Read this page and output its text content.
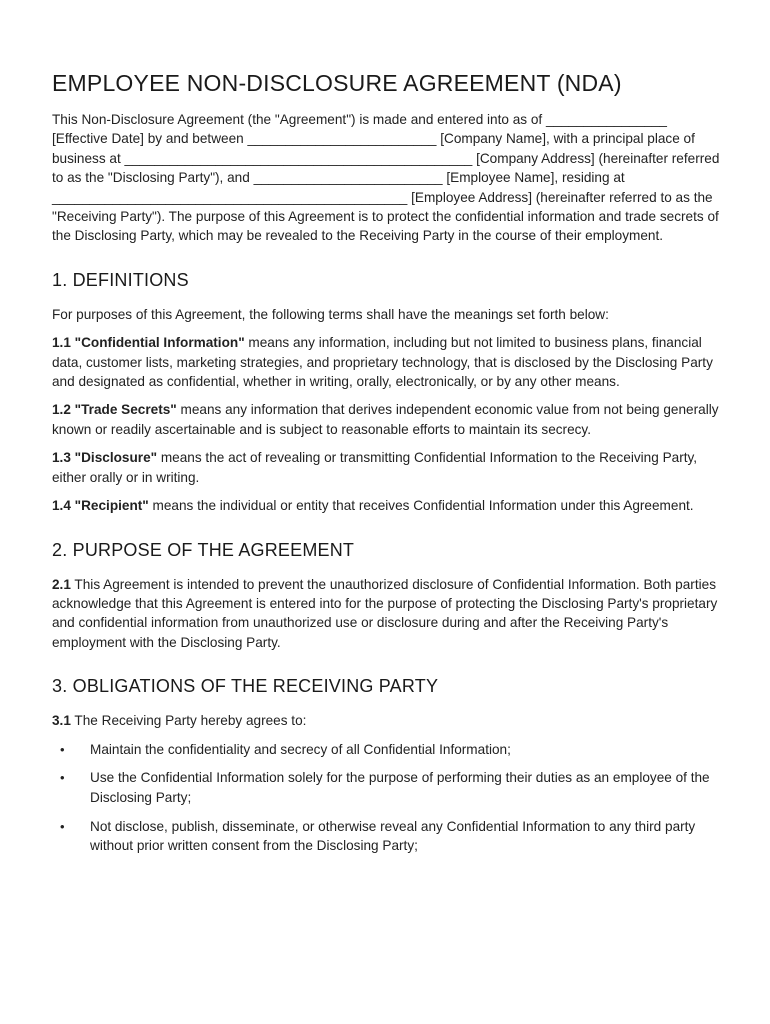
EMPLOYEE NON-DISCLOSURE AGREEMENT (NDA)

This Non-Disclosure Agreement (the "Agreement") is made and entered into as of ________________ [Effective Date] by and between _________________________ [Company Name], with a principal place of business at ______________________________________________ [Company Address] (hereinafter referred to as the "Disclosing Party"), and _________________________ [Employee Name], residing at _______________________________________________ [Employee Address] (hereinafter referred to as the "Receiving Party"). The purpose of this Agreement is to protect the confidential information and trade secrets of the Disclosing Party, which may be revealed to the Receiving Party in the course of their employment.

1. DEFINITIONS

For purposes of this Agreement, the following terms shall have the meanings set forth below:

1.1 "Confidential Information" means any information, including but not limited to business plans, financial data, customer lists, marketing strategies, and proprietary technology, that is disclosed by the Disclosing Party and designated as confidential, whether in writing, orally, electronically, or by any other means.

1.2 "Trade Secrets" means any information that derives independent economic value from not being generally known or readily ascertainable and is subject to reasonable efforts to maintain its secrecy.

1.3 "Disclosure" means the act of revealing or transmitting Confidential Information to the Receiving Party, either orally or in writing.

1.4 "Recipient" means the individual or entity that receives Confidential Information under this Agreement.

2. PURPOSE OF THE AGREEMENT

2.1 This Agreement is intended to prevent the unauthorized disclosure of Confidential Information. Both parties acknowledge that this Agreement is entered into for the purpose of protecting the Disclosing Party's proprietary and confidential information from unauthorized use or disclosure during and after the Receiving Party's employment with the Disclosing Party.

3. OBLIGATIONS OF THE RECEIVING PARTY

3.1 The Receiving Party hereby agrees to:

• Maintain the confidentiality and secrecy of all Confidential Information;
• Use the Confidential Information solely for the purpose of performing their duties as an employee of the Disclosing Party;
• Not disclose, publish, disseminate, or otherwise reveal any Confidential Information to any third party without prior written consent from the Disclosing Party;
